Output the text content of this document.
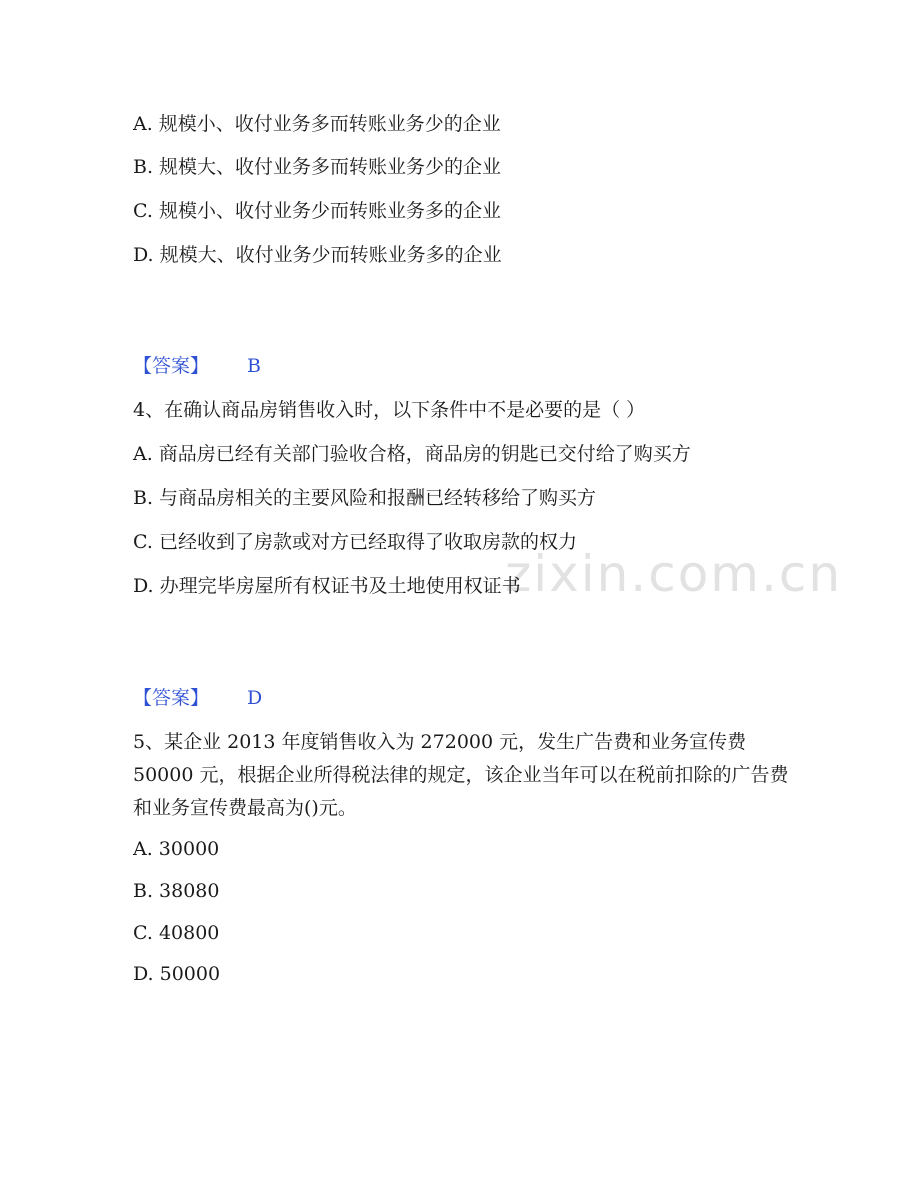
zixin.com.cn
A. 规模小、收付业务多而转账业务少的企业
B. 规模大、收付业务多而转账业务少的企业
C. 规模小、收付业务少而转账业务多的企业
D. 规模大、收付业务少而转账业务多的企业
【答案】 B
4、在确认商品房销售收入时，以下条件中不是必要的是（ ）
A. 商品房已经有关部门验收合格，商品房的钥匙已交付给了购买方
B. 与商品房相关的主要风险和报酬已经转移给了购买方
C. 已经收到了房款或对方已经取得了收取房款的权力
D. 办理完毕房屋所有权证书及土地使用权证书
【答案】 D
5、某企业 2013 年度销售收入为 272000 元，发生广告费和业务宣传费 50000 元，根据企业所得税法律的规定，该企业当年可以在税前扣除的广告费和业务宣传费最高为()元。
A. 30000
B. 38080
C. 40800
D. 50000
